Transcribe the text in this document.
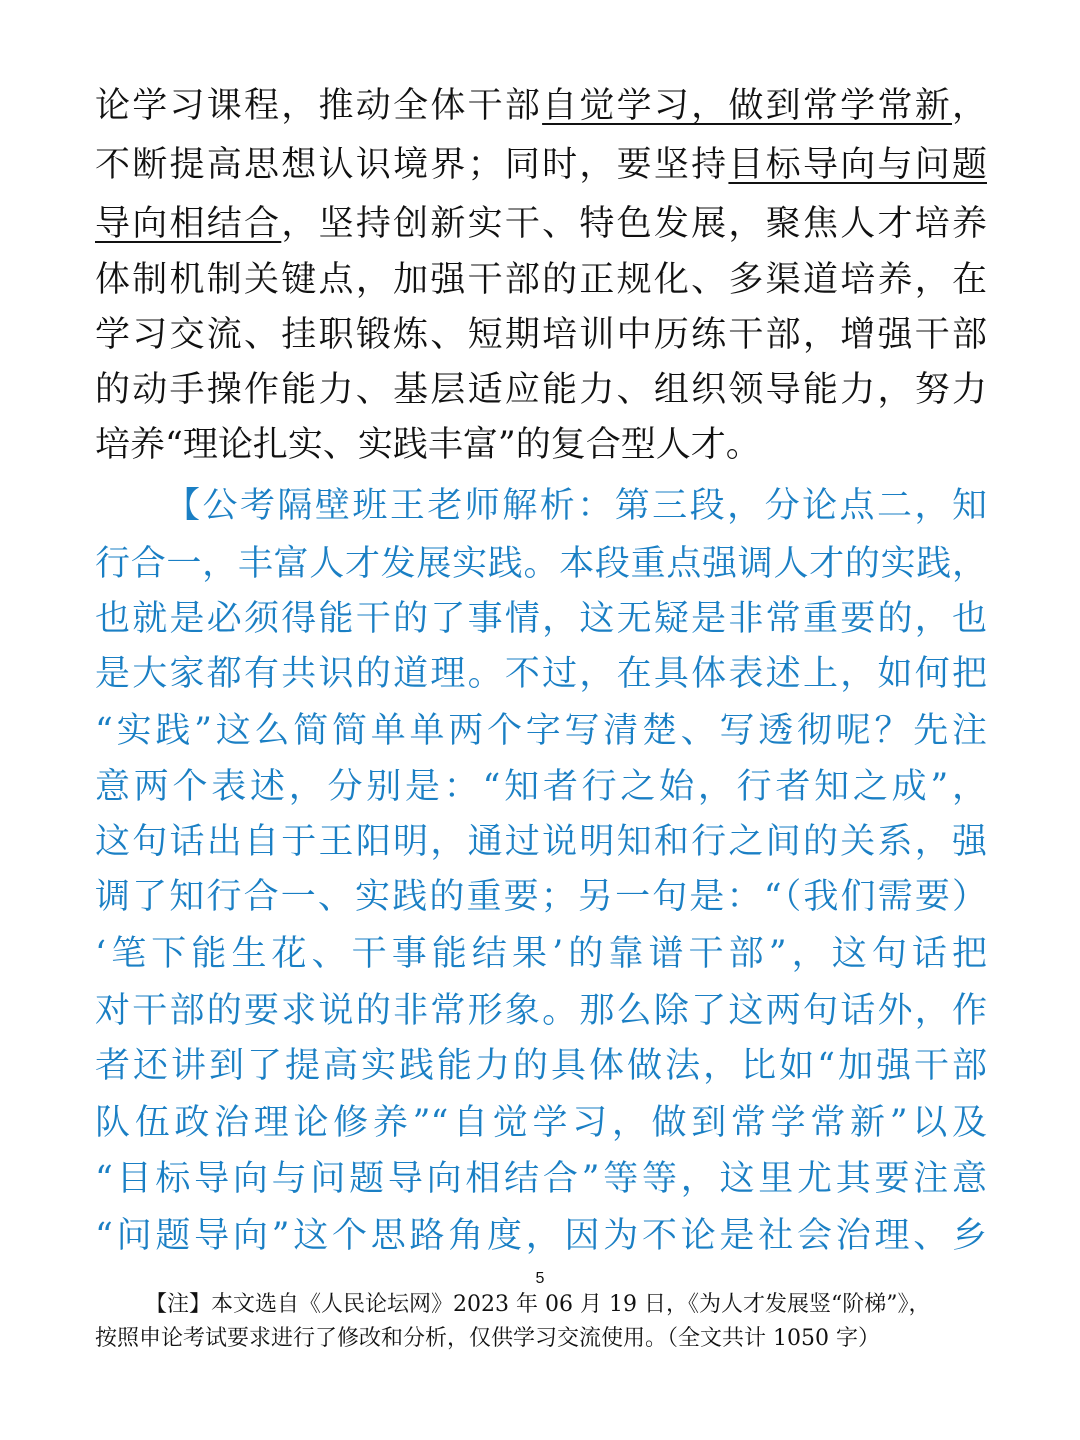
论学习课程，推动全体干部自觉学习，做到常学常新，
不断提高思想认识境界；同时，要坚持目标导向与问题
导向相结合，坚持创新实干、特色发展，聚焦人才培养
体制机制关键点，加强干部的正规化、多渠道培养，在
学习交流、挂职锻炼、短期培训中历练干部，增强干部
的动手操作能力、基层适应能力、组织领导能力，努力
培养“理论扎实、实践丰富”的复合型人才。
【公考隔壁班王老师解析：第三段，分论点二，知
行合一，丰富人才发展实践。本段重点强调人才的实践，
也就是必须得能干的了事情，这无疑是非常重要的，也
是大家都有共识的道理。不过，在具体表述上，如何把
“实践”这么简简单单两个字写清楚、写透彻呢？先注
意两个表述，分别是：“知者行之始，行者知之成”，
这句话出自于王阳明，通过说明知和行之间的关系，强
调了知行合一、实践的重要；另一句是：“（我们需要）
‘笔下能生花、干事能结果’的靠谱干部”，这句话把
对干部的要求说的非常形象。那么除了这两句话外，作
者还讲到了提高实践能力的具体做法，比如“加强干部
队伍政治理论修养”“自觉学习，做到常学常新”以及
“目标导向与问题导向相结合”等等，这里尤其要注意
“问题导向”这个思路角度，因为不论是社会治理、乡
5
【注】本文选自《人民论坛网》2023 年 06 月 19 日，《为人才发展竖“阶梯”》，
按照申论考试要求进行了修改和分析，仅供学习交流使用。（全文共计 1050 字）
